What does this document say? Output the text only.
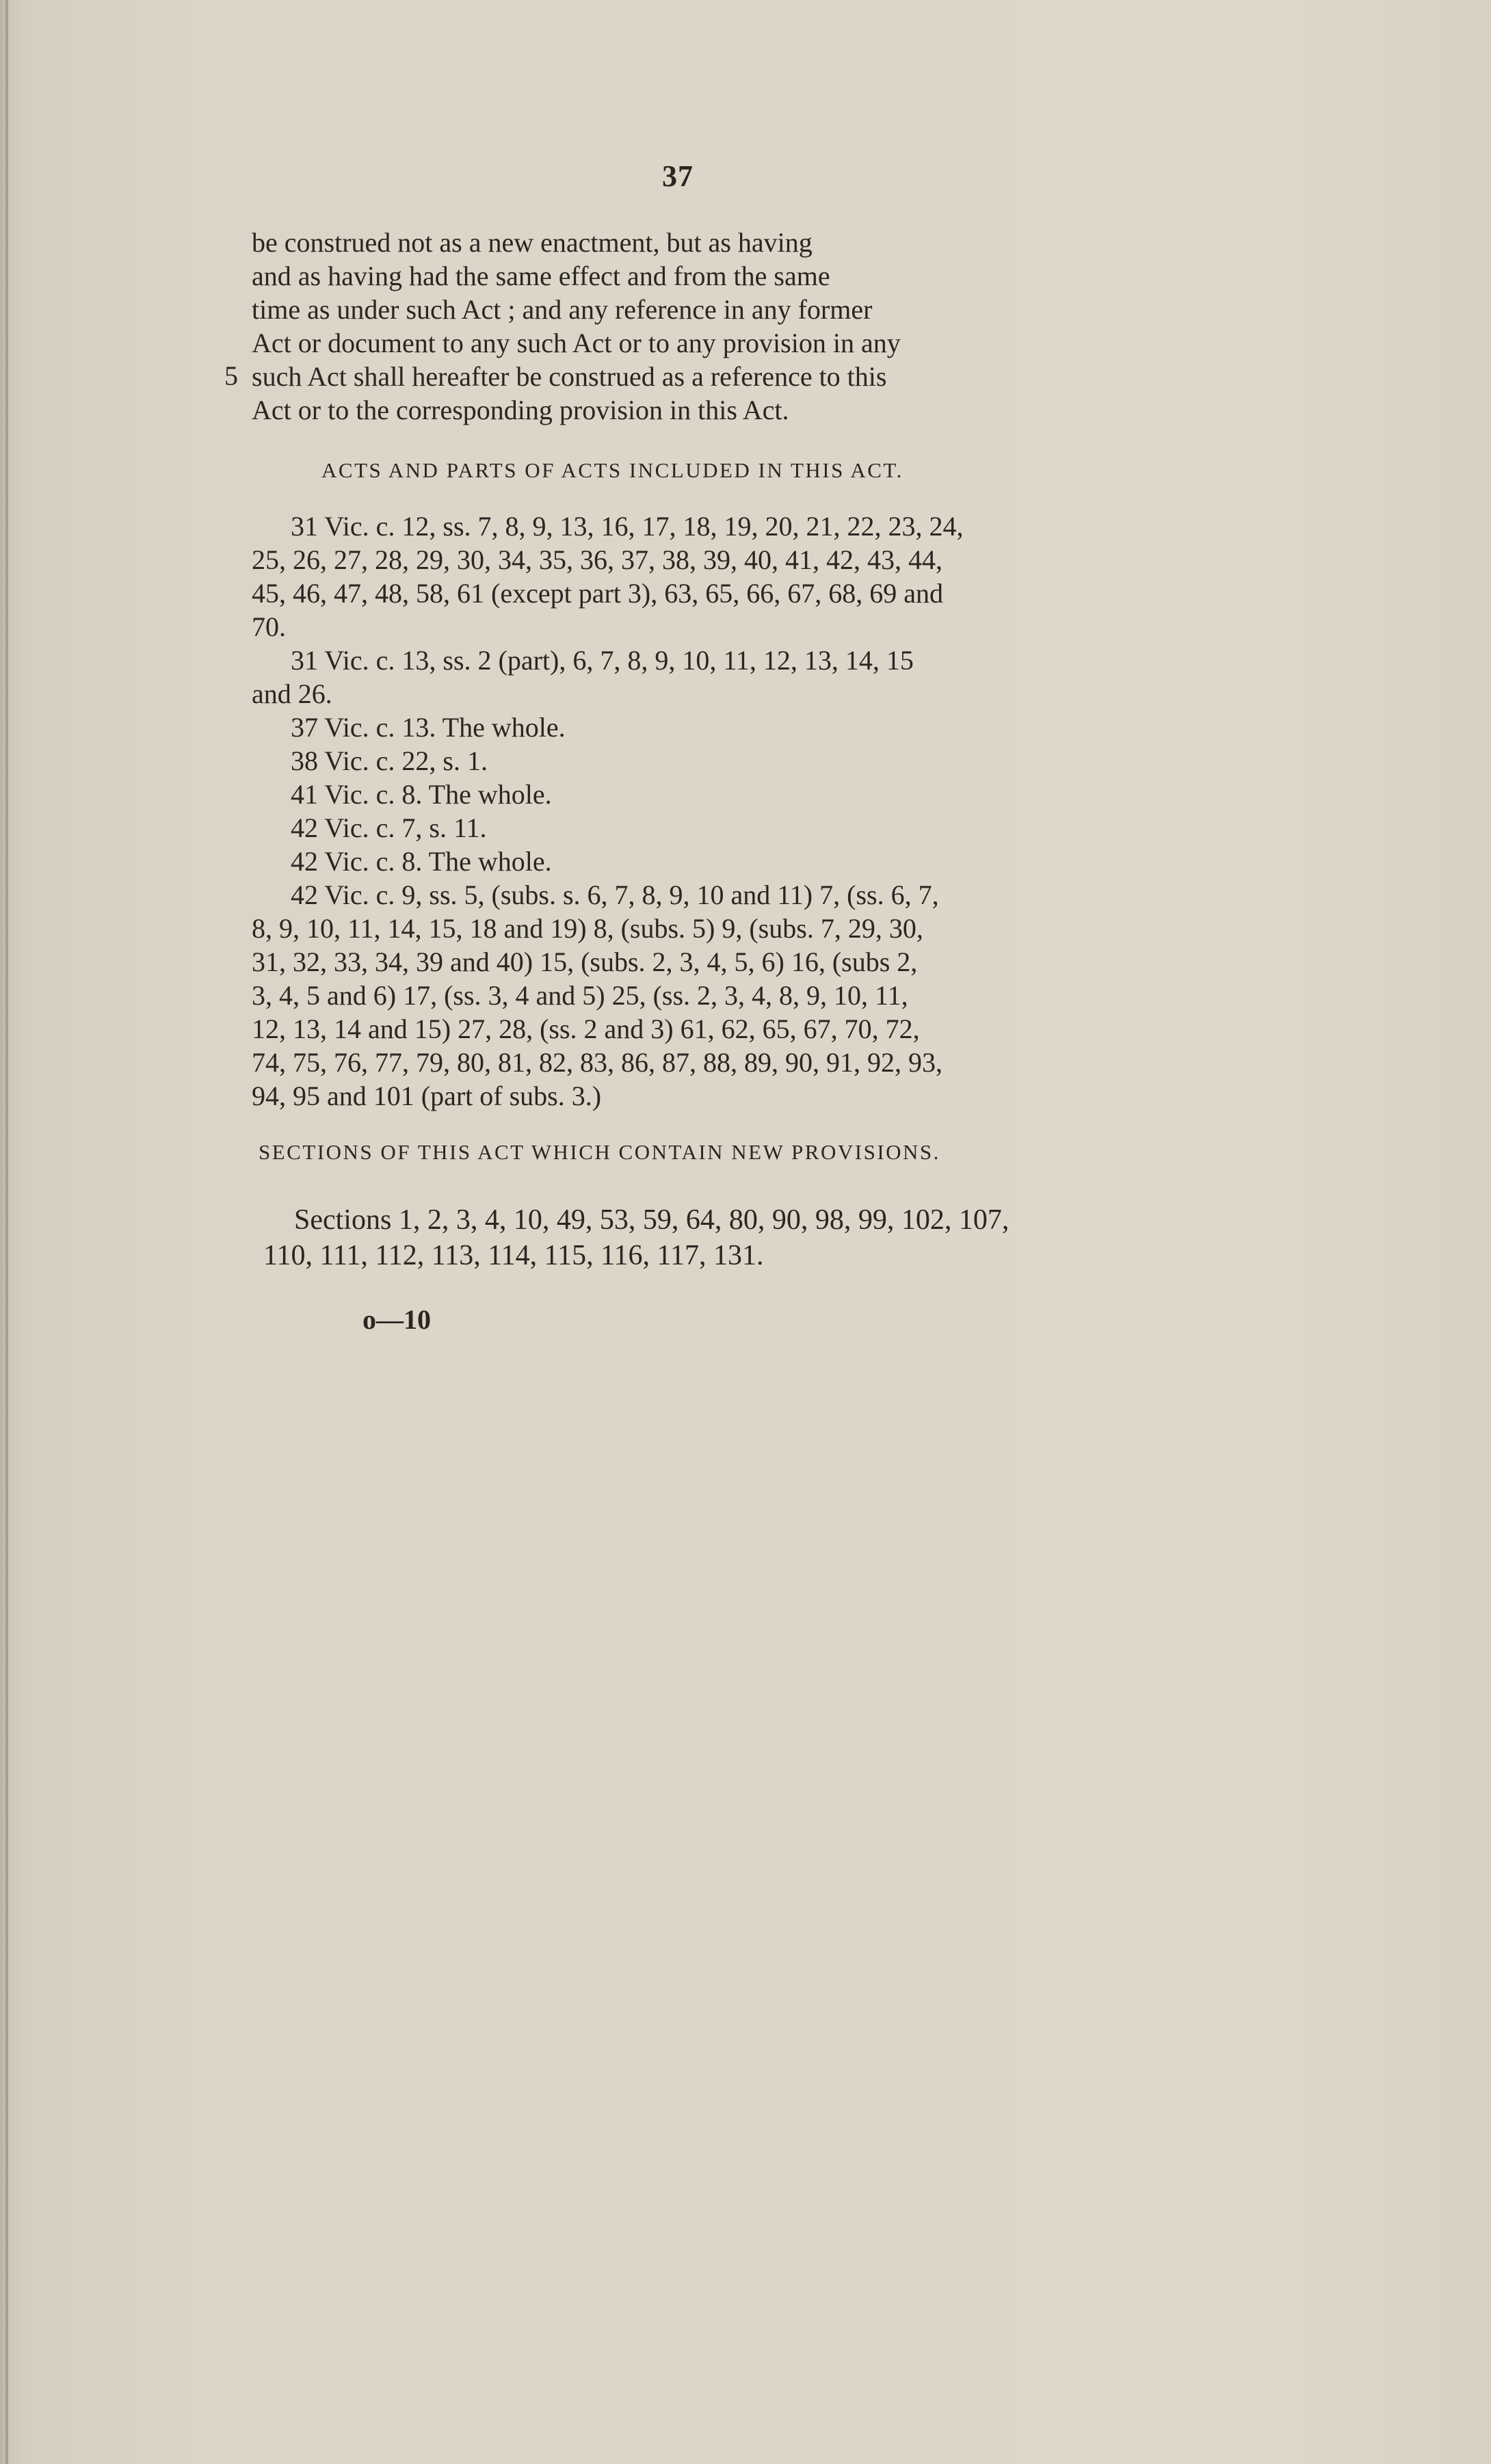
37
be construed not as a new enactment, but as having
and as having had the same effect and from the same
time as under such Act ; and any reference in any former
Act or document to any such Act or to any provision in any
such Act shall hereafter be construed as a reference to this
Act or to the corresponding provision in this Act.
5
ACTS AND PARTS OF ACTS INCLUDED IN THIS ACT.
31 Vic. c. 12, ss. 7, 8, 9, 13, 16, 17, 18, 19, 20, 21, 22, 23, 24,
25, 26, 27, 28, 29, 30, 34, 35, 36, 37, 38, 39, 40, 41, 42, 43, 44,
45, 46, 47, 48, 58, 61 (except part 3), 63, 65, 66, 67, 68, 69 and
70.
31 Vic. c. 13, ss. 2 (part), 6, 7, 8, 9, 10, 11, 12, 13, 14, 15
and 26.
37 Vic. c. 13. The whole.
38 Vic. c. 22, s. 1.
41 Vic. c. 8. The whole.
42 Vic. c. 7, s. 11.
42 Vic. c. 8. The whole.
42 Vic. c. 9, ss. 5, (subs. s. 6, 7, 8, 9, 10 and 11) 7, (ss. 6, 7,
8, 9, 10, 11, 14, 15, 18 and 19) 8, (subs. 5) 9, (subs. 7, 29, 30,
31, 32, 33, 34, 39 and 40) 15, (subs. 2, 3, 4, 5, 6) 16, (subs 2,
3, 4, 5 and 6) 17, (ss. 3, 4 and 5) 25, (ss. 2, 3, 4, 8, 9, 10, 11,
12, 13, 14 and 15) 27, 28, (ss. 2 and 3) 61, 62, 65, 67, 70, 72,
74, 75, 76, 77, 79, 80, 81, 82, 83, 86, 87, 88, 89, 90, 91, 92, 93,
94, 95 and 101 (part of subs. 3.)
SECTIONS OF THIS ACT WHICH CONTAIN NEW PROVISIONS.
Sections 1, 2, 3, 4, 10, 49, 53, 59, 64, 80, 90, 98, 99, 102, 107,
110, 111, 112, 113, 114, 115, 116, 117, 131.
o—10
